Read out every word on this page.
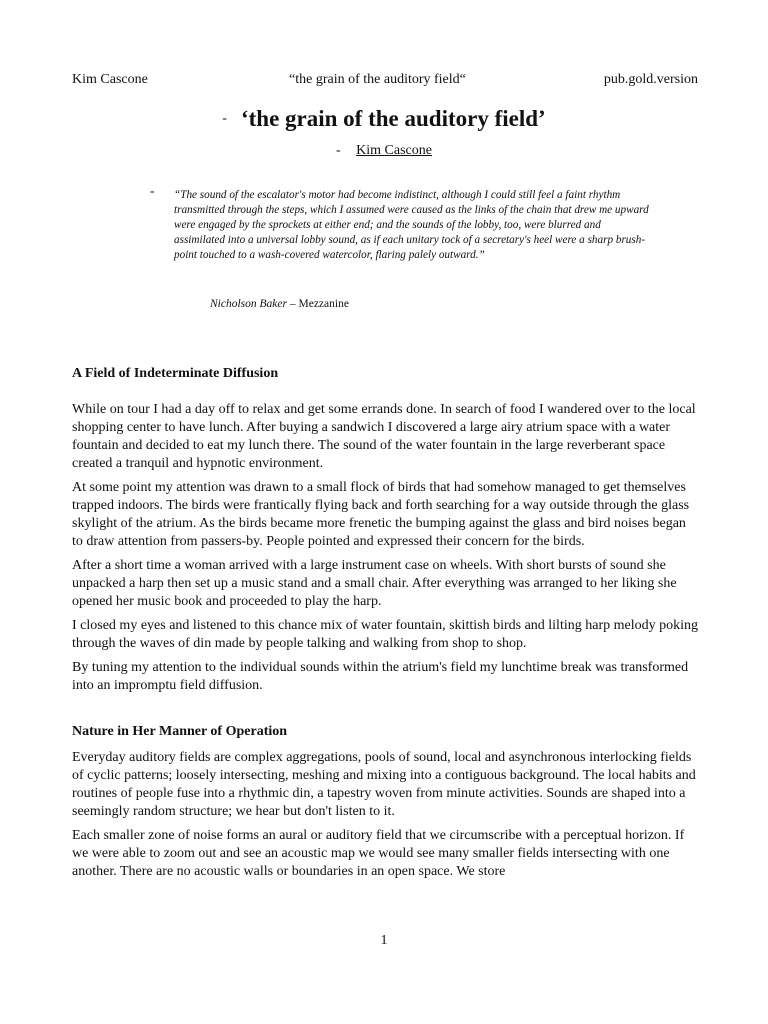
Kim Cascone	“the grain of the auditory field“	pub.gold.version
- ‘the grain of the auditory field’
- Kim Cascone
- “The sound of the escalator's motor had become indistinct, although I could still feel a faint rhythm transmitted through the steps, which I assumed were caused as the links of the chain that drew me upward were engaged by the sprockets at either end; and the sounds of the lobby, too, were blurred and assimilated into a universal lobby sound, as if each unitary tock of a secretary's heel were a sharp brush-point touched to a wash-covered watercolor, flaring palely outward.”
Nicholson Baker – Mezzanine
A Field of Indeterminate Diffusion

While on tour I had a day off to relax and get some errands done. In search of food I wandered over to the local shopping center to have lunch. After buying a sandwich I discovered a large airy atrium space with a water fountain and decided to eat my lunch there. The sound of the water fountain in the large reverberant space created a tranquil and hypnotic environment.

At some point my attention was drawn to a small flock of birds that had somehow managed to get themselves trapped indoors. The birds were frantically flying back and forth searching for a way outside through the glass skylight of the atrium. As the birds became more frenetic the bumping against the glass and bird noises began to draw attention from passers-by. People pointed and expressed their concern for the birds.

After a short time a woman arrived with a large instrument case on wheels. With short bursts of sound she unpacked a harp then set up a music stand and a small chair. After everything was arranged to her liking she opened her music book and proceeded to play the harp.

I closed my eyes and listened to this chance mix of water fountain, skittish birds and lilting harp melody poking through the waves of din made by people talking and walking from shop to shop.

By tuning my attention to the individual sounds within the atrium's field my lunchtime break was transformed into an impromptu field diffusion.

Nature in Her Manner of Operation

Everyday auditory fields are complex aggregations, pools of sound, local and asynchronous interlocking fields of cyclic patterns; loosely intersecting, meshing and mixing into a contiguous background. The local habits and routines of people fuse into a rhythmic din, a tapestry woven from minute activities. Sounds are shaped into a seemingly random structure; we hear but don't listen to it.

Each smaller zone of noise forms an aural or auditory field that we circumscribe with a perceptual horizon. If we were able to zoom out and see an acoustic map we would see many smaller fields intersecting with one another. There are no acoustic walls or boundaries in an open space. We store

1
